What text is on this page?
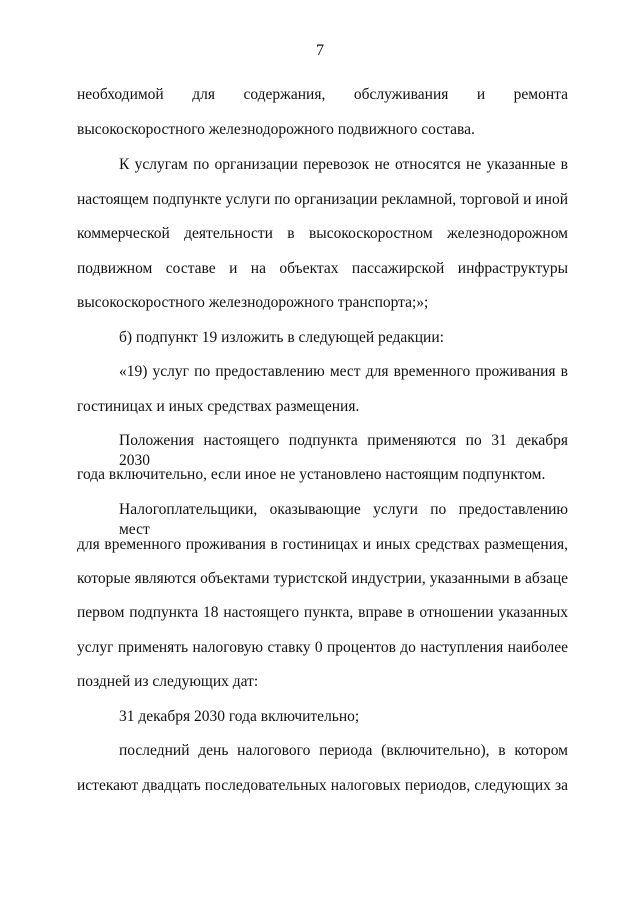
7
необходимой для содержания, обслуживания и ремонта
высокоскоростного железнодорожного подвижного состава.
К услугам по организации перевозок не относятся не указанные в
настоящем подпункте услуги по организации рекламной, торговой и иной
коммерческой деятельности в высокоскоростном железнодорожном
подвижном составе и на объектах пассажирской инфраструктуры
высокоскоростного железнодорожного транспорта;»;
б) подпункт 19 изложить в следующей редакции:
«19) услуг по предоставлению мест для временного проживания в
гостиницах и иных средствах размещения.
Положения настоящего подпункта применяются по 31 декабря 2030
года включительно, если иное не установлено настоящим подпунктом.
Налогоплательщики, оказывающие услуги по предоставлению мест
для временного проживания в гостиницах и иных средствах размещения,
которые являются объектами туристской индустрии, указанными в абзаце
первом подпункта 18 настоящего пункта, вправе в отношении указанных
услуг применять налоговую ставку 0 процентов до наступления наиболее
поздней из следующих дат:
31 декабря 2030 года включительно;
последний день налогового периода (включительно), в котором
истекают двадцать последовательных налоговых периодов, следующих за
